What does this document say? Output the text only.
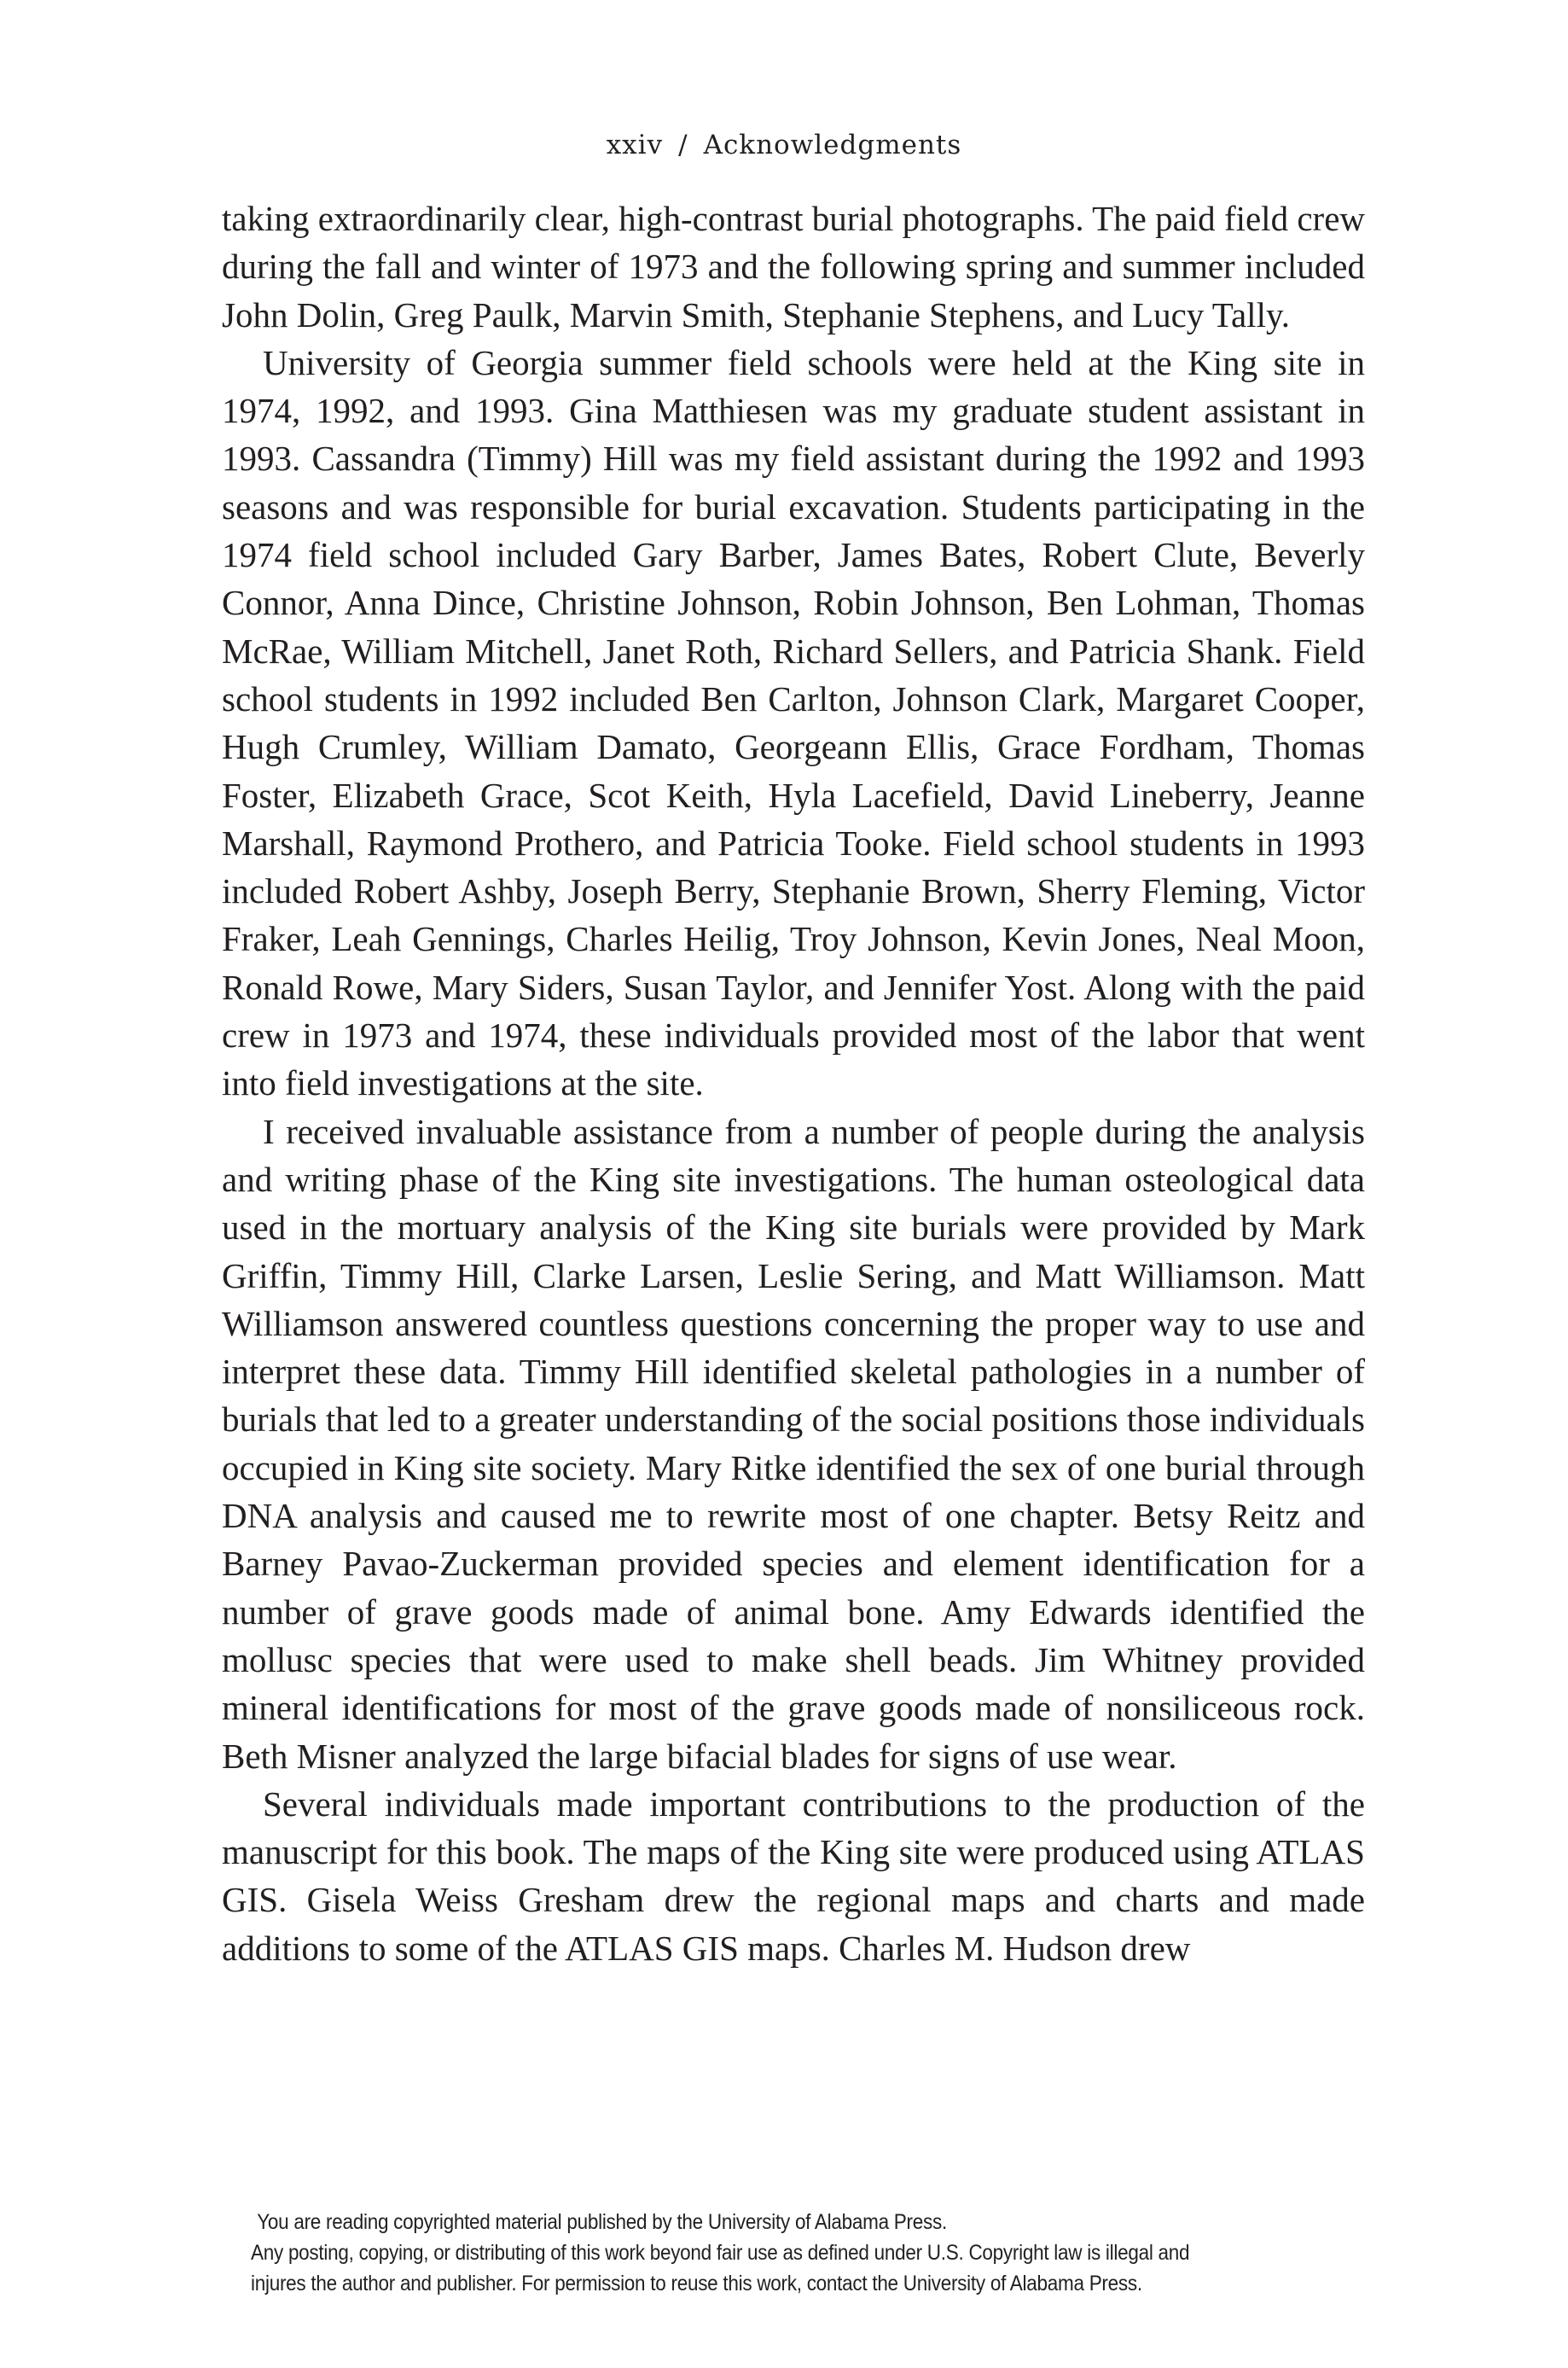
xxiv / Acknowledgments

taking extraordinarily clear, high-contrast burial photographs. The paid field crew during the fall and winter of 1973 and the following spring and summer included John Dolin, Greg Paulk, Marvin Smith, Stephanie Stephens, and Lucy Tally.

University of Georgia summer field schools were held at the King site in 1974, 1992, and 1993. Gina Matthiesen was my graduate student assistant in 1993. Cassandra (Timmy) Hill was my field assistant during the 1992 and 1993 seasons and was responsible for burial excavation. Students participating in the 1974 field school included Gary Barber, James Bates, Robert Clute, Beverly Connor, Anna Dince, Christine Johnson, Robin Johnson, Ben Lohman, Thomas McRae, William Mitchell, Janet Roth, Richard Sellers, and Patricia Shank. Field school students in 1992 included Ben Carlton, Johnson Clark, Margaret Cooper, Hugh Crumley, William Damato, Georgeann Ellis, Grace Fordham, Thomas Foster, Elizabeth Grace, Scot Keith, Hyla Lacefield, David Lineberry, Jeanne Marshall, Raymond Prothero, and Patricia Tooke. Field school students in 1993 included Robert Ashby, Joseph Berry, Stephanie Brown, Sherry Fleming, Victor Fraker, Leah Gennings, Charles Heilig, Troy Johnson, Kevin Jones, Neal Moon, Ronald Rowe, Mary Siders, Susan Taylor, and Jennifer Yost. Along with the paid crew in 1973 and 1974, these individuals provided most of the labor that went into field investigations at the site.

I received invaluable assistance from a number of people during the analysis and writing phase of the King site investigations. The human osteological data used in the mortuary analysis of the King site burials were provided by Mark Griffin, Timmy Hill, Clarke Larsen, Leslie Sering, and Matt Williamson. Matt Williamson answered countless questions concerning the proper way to use and interpret these data. Timmy Hill identified skeletal pathologies in a number of burials that led to a greater understanding of the social positions those individuals occupied in King site society. Mary Ritke identified the sex of one burial through DNA analysis and caused me to rewrite most of one chapter. Betsy Reitz and Barney Pavao-Zuckerman provided species and element identification for a number of grave goods made of animal bone. Amy Edwards identified the mollusc species that were used to make shell beads. Jim Whitney provided mineral identifications for most of the grave goods made of nonsiliceous rock. Beth Misner analyzed the large bifacial blades for signs of use wear.

Several individuals made important contributions to the production of the manuscript for this book. The maps of the King site were produced using ATLAS GIS. Gisela Weiss Gresham drew the regional maps and charts and made additions to some of the ATLAS GIS maps. Charles M. Hudson drew

You are reading copyrighted material published by the University of Alabama Press.
Any posting, copying, or distributing of this work beyond fair use as defined under U.S. Copyright law is illegal and
injures the author and publisher. For permission to reuse this work, contact the University of Alabama Press.
